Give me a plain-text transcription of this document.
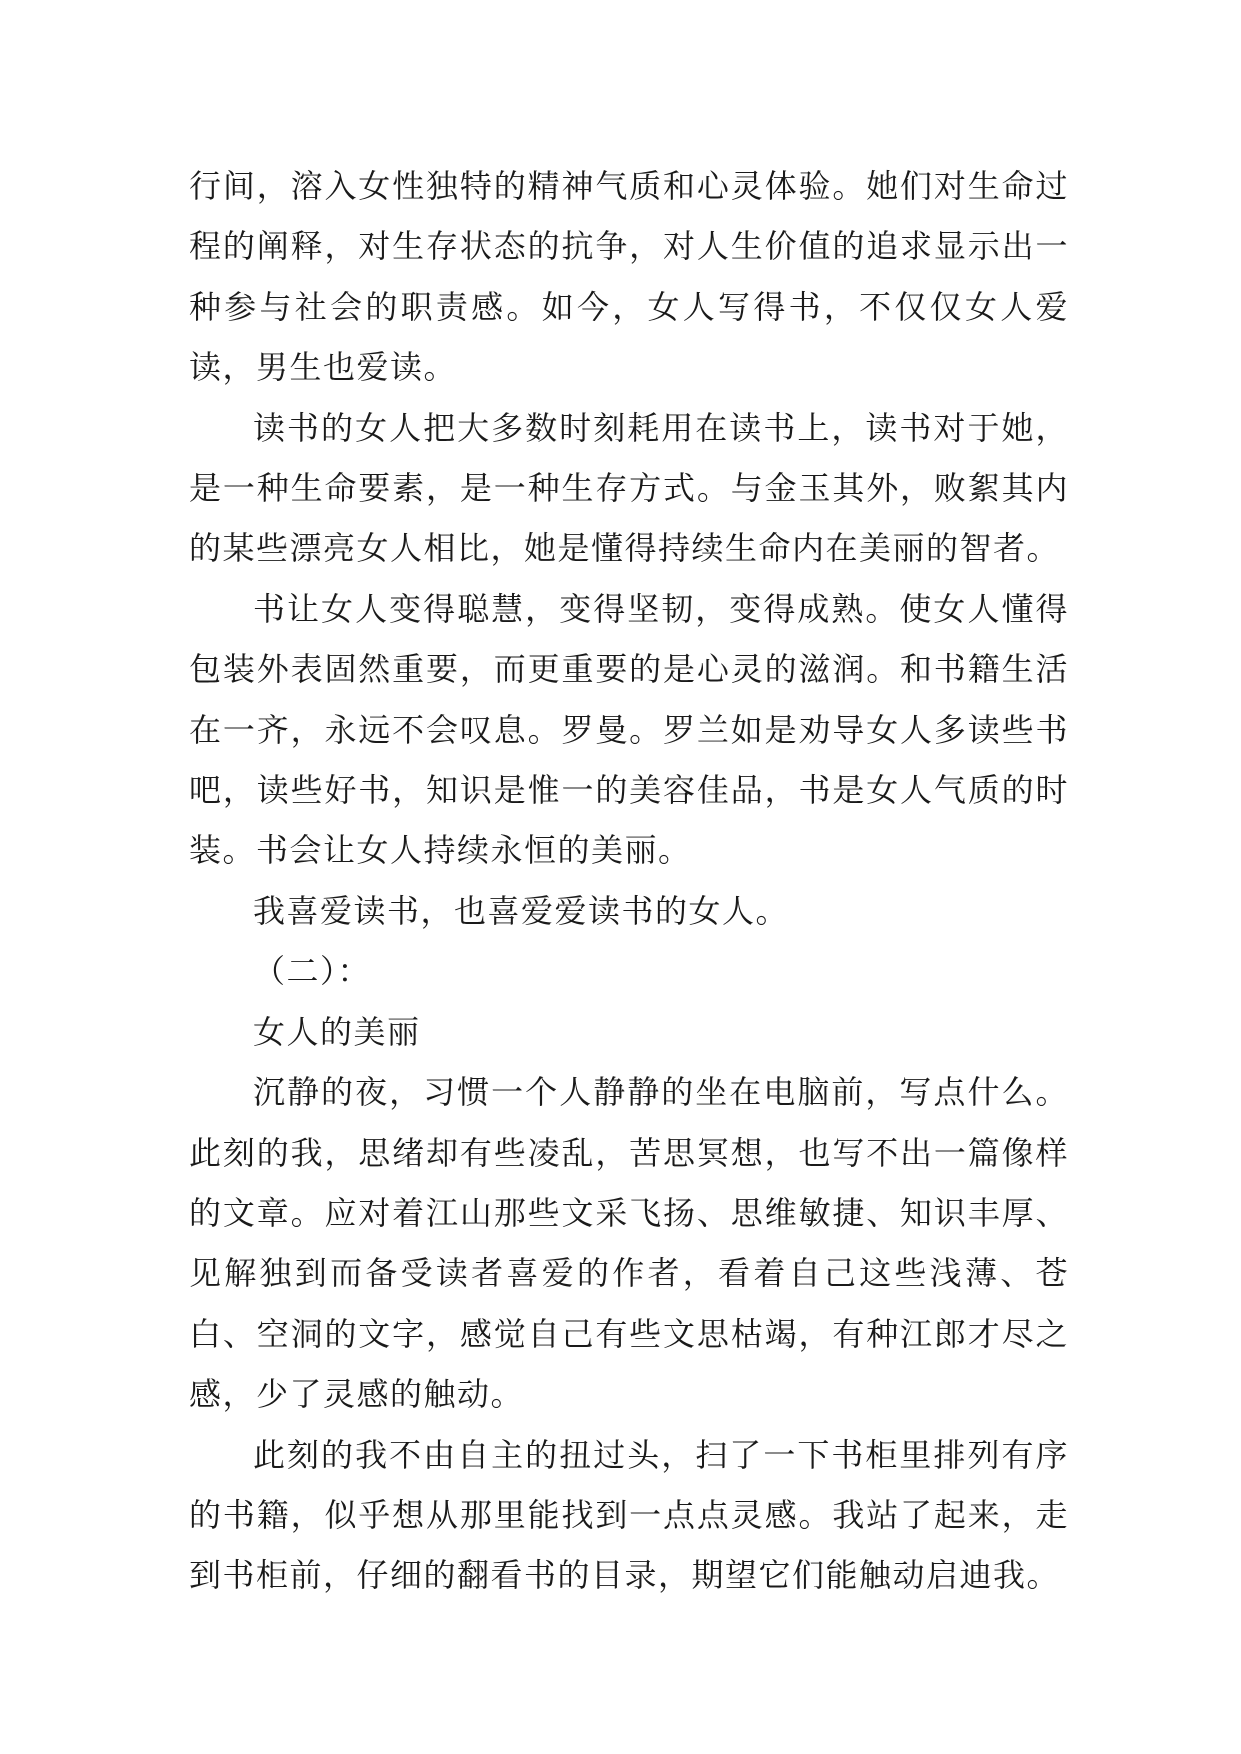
行间，溶入女性独特的精神气质和心灵体验。她们对生命过程的阐释，对生存状态的抗争，对人生价值的追求显示出一种参与社会的职责感。如今，女人写得书，不仅仅女人爱读，男生也爱读。

读书的女人把大多数时刻耗用在读书上，读书对于她，是一种生命要素，是一种生存方式。与金玉其外，败絮其内的某些漂亮女人相比，她是懂得持续生命内在美丽的智者。

书让女人变得聪慧，变得坚韧，变得成熟。使女人懂得包装外表固然重要，而更重要的是心灵的滋润。和书籍生活在一齐，永远不会叹息。罗曼。罗兰如是劝导女人多读些书吧，读些好书，知识是惟一的美容佳品，书是女人气质的时装。书会让女人持续永恒的美丽。

我喜爱读书，也喜爱爱读书的女人。

（二）：

女人的美丽

沉静的夜，习惯一个人静静的坐在电脑前，写点什么。此刻的我，思绪却有些凌乱，苦思冥想，也写不出一篇像样的文章。应对着江山那些文采飞扬、思维敏捷、知识丰厚、见解独到而备受读者喜爱的作者，看着自己这些浅薄、苍白、空洞的文字，感觉自己有些文思枯竭，有种江郎才尽之感，少了灵感的触动。

此刻的我不由自主的扭过头，扫了一下书柜里排列有序的书籍，似乎想从那里能找到一点点灵感。我站了起来，走到书柜前，仔细的翻看书的目录，期望它们能触动启迪我。
